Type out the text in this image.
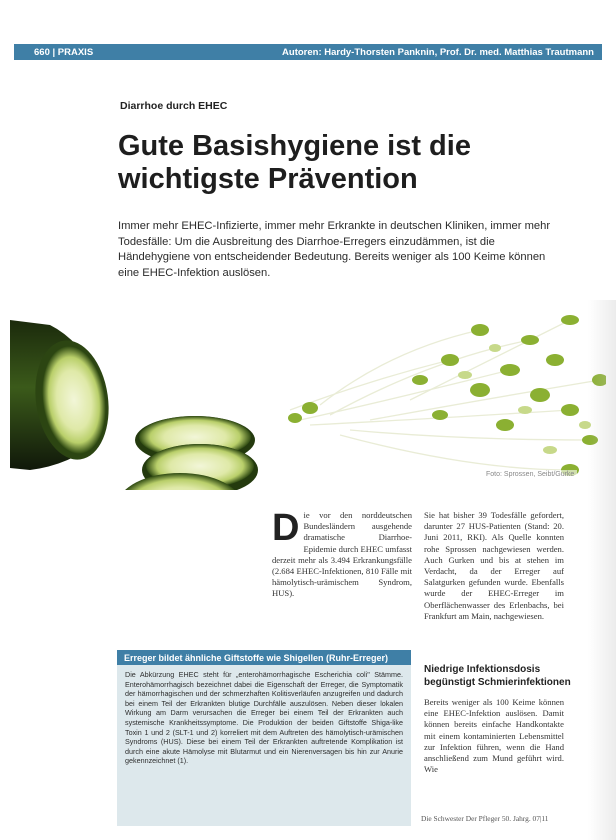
660 | PRAXIS	Autoren: Hardy-Thorsten Panknin, Prof. Dr. med. Matthias Trautmann
Diarrhoe durch EHEC
Gute Basishygiene ist die wichtigste Prävention

Immer mehr EHEC-Infizierte, immer mehr Erkrankte in deutschen Kliniken, immer mehr Todesfälle: Um die Ausbreitung des Diarrhoe-Erregers einzudämmen, ist die Händehygiene von entscheidender Bedeutung. Bereits weniger als 100 Keime können eine EHEC-Infektion auslösen.

Foto: Sprossen, Seibt/Gurke
D ie vor den norddeutschen Bundesländern ausgehende dramatische Diarrhoe-Epidemie durch EHEC umfasst derzeit mehr als 3.494 Erkrankungsfälle (2.684 EHEC-Infektionen, 810 Fälle mit hämolytisch-urämischem Syndrom, HUS).
Sie hat bisher 39 Todesfälle gefordert, darunter 27 HUS-Patienten (Stand: 20. Juni 2011, RKI). Als Quelle konnten rohe Sprossen nachgewiesen werden. Auch Gurken und bis at stehen im Verdacht, da der Erreger auf Salatgurken gefunden wurde. Ebenfalls wurde der EHEC-Erreger im Oberflächenwasser des Erlenbachs, bei Frankfurt am Main, nachgewiesen.
Niedrige Infektionsdosis begünstigt Schmierinfektionen
Bereits weniger als 100 Keime können eine EHEC-Infektion auslösen. Damit können bereits einfache Handkontakte mit einem kontaminierten Lebensmittel zur Infektion führen, wenn die Hand anschließend zum Mund geführt wird. Wie
Erreger bildet ähnliche Giftstoffe wie Shigellen (Ruhr-Erreger)
Die Abkürzung EHEC steht für „enterohämorrhagische Escherichia coli" Stämme. Enterohämorrhagisch bezeichnet dabei die Eigenschaft der Erreger, die Symptomatik der hämorrhagischen und der schmerzhaften Kolitisverläufen anzugreifen und dadurch bei einem Teil der Erkrankten blutige Durchfälle auszulösen. Neben dieser lokalen Wirkung am Darm verursachen die Erreger bei einem Teil der Erkrankten auch systemische Krankheitssymptome. Die Produktion der beiden Giftstoffe Shiga-like Toxin 1 und 2 (SLT-1 und 2) korreliert mit dem Auftreten des hämolytisch-urämischen Syndroms (HUS). Diese bei einem Teil der Erkrankten auftretende Komplikation ist durch eine akute Hämolyse mit Blutarmut und ein Nierenversagen bis hin zur Anurie gekennzeichnet (1).
Die Schwester Der Pfleger 50. Jahrg. 07|11
